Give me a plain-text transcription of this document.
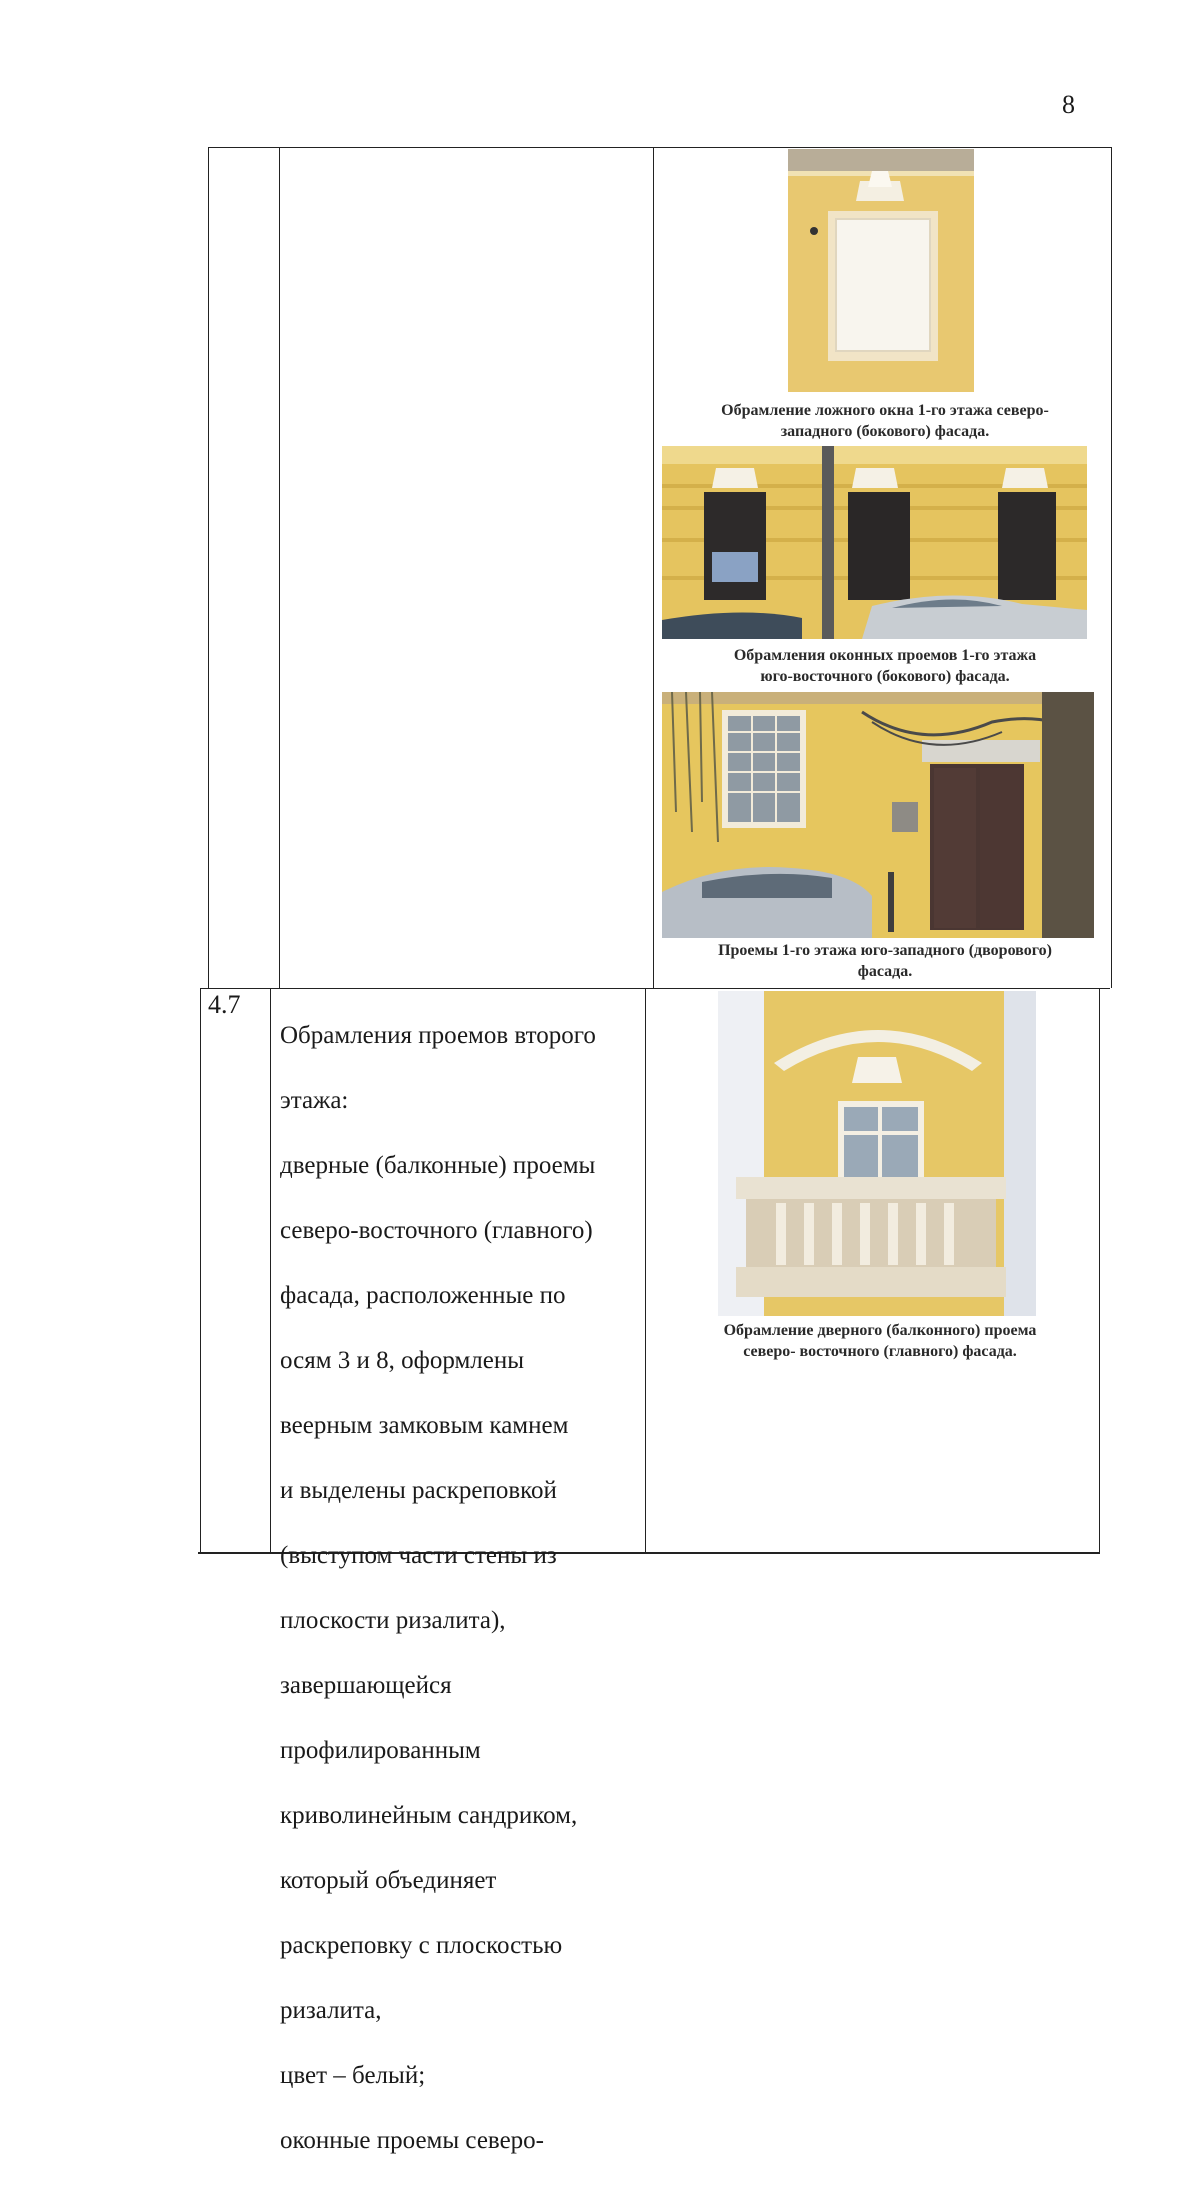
8
4.7

Обрамления проемов второго

этажа:

дверные (балконные) проемы

северо-восточного (главного)

фасада, расположенные по

осям 3 и 8, оформлены

веерным замковым камнем

и выделены раскреповкой

(выступом части стены из

плоскости ризалита),

завершающейся

профилированным

криволинейным сандриком,

который объединяет

раскреповку с плоскостью

ризалита,

цвет – белый;

оконные проемы северо-

Обрамление ложного окна 1-го этажа северо-
западного (бокового) фасада.
Обрамления оконных проемов 1-го этажа
юго-восточного (бокового) фасада.
Проемы 1-го этажа юго-западного (дворового)
фасада.
Обрамление дверного (балконного) проема
северо- восточного (главного) фасада.
